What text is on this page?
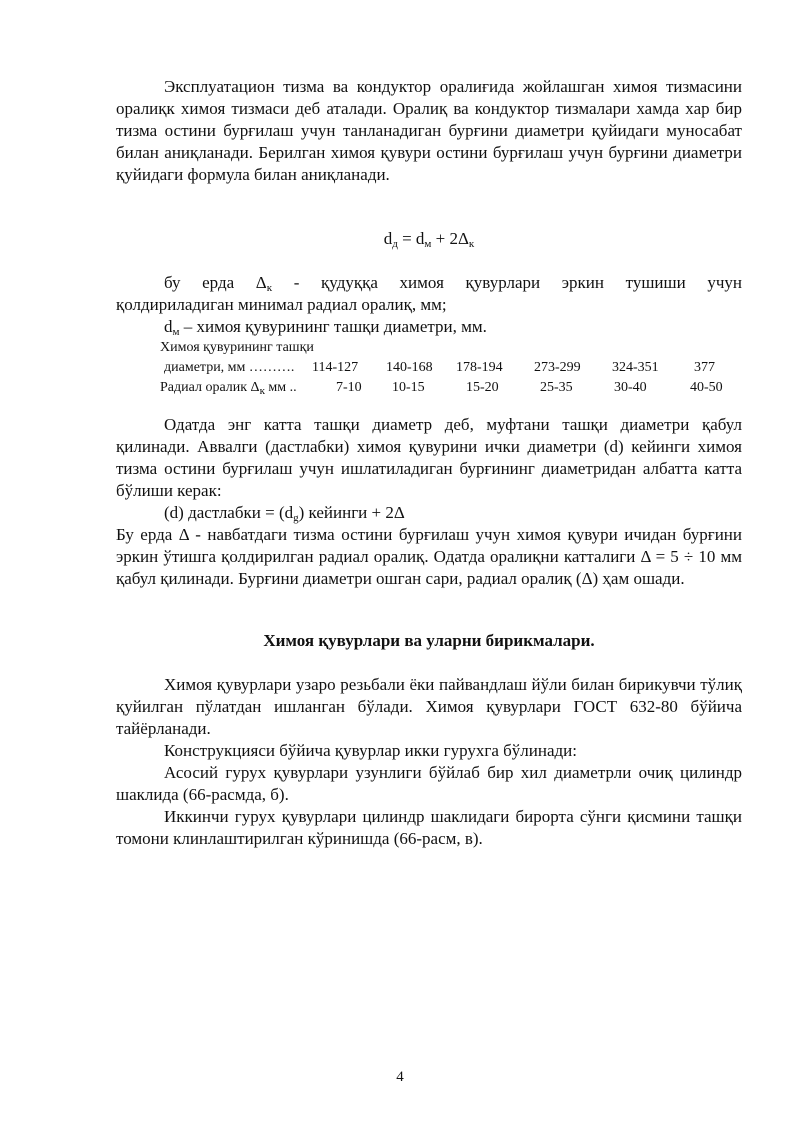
Эксплуатацион тизма ва кондуктор оралиғида жойлашган химоя тизмасини оралиқк химоя тизмаси деб аталади. Оралиқ ва кондуктор тизмалари хамда хар бир тизма остини бурғилаш учун танланадиган бурғини диаметри қуйидаги муносабат билан аниқланади. Берилган химоя қувури остини бурғилаш учун бурғини диаметри қуйидаги формула билан аниқланади.

$d_д = d_м + 2\Delta_к$
бу ерда $\Delta_к$ - қудуққа химоя қувурлари эркин тушиши учун
қолдириладиган минимал радиал оралиқ, мм;
$d_м$ – химоя қувурининг ташқи диаметри, мм.
Химоя қувурининг ташқи
диаметри, мм ………. 114-127 140-168 178-194 273-299 324-351	377
Радиал оралик $\Delta_к$ мм ..	7-10 10-15	15-20	25-35	30-40	40-50

Одатда энг катта ташқи диаметр деб, муфтани ташқи диаметри қабул қилинади. Аввалги (дастлабки) химоя қувурини ички диаметри (d) кейинги химоя тизма остини бурғилаш учун ишлатиладиган бурғининг диаметридан албатта катта бўлиши керак:

(d) дастлабки = $(d_g)$ кейинги + 2Δ

Бу ерда Δ - навбатдаги тизма остини бурғилаш учун химоя қувури ичидан бурғини эркин ўтишга қолдирилган радиал оралиқ. Одатда оралиқни катталиги Δ = 5 ÷ 10 мм қабул қилинади. Бурғини диаметри ошган сари, радиал оралиқ (Δ) ҳам ошади.

Химоя қувурлари ва уларни бирикмалари.

Химоя қувурлари узаро резьбали ёки пайвандлаш йўли билан бирикувчи тўлиқ қуйилган пўлатдан ишланган бўлади. Химоя қувурлари ГОСТ 632-80 бўйича тайёрланади.

Конструкцияси бўйича қувурлар икки гурухга бўлинади:

Асосий гурух қувурлари узунлиги бўйлаб бир хил диаметрли очиқ цилиндр шаклида (66-расмда, б).

Иккинчи гурух қувурлари цилиндр шаклидаги бирорта сўнги қисмини ташқи томони клинлаштирилган кўринишда (66-расм, в).

4
